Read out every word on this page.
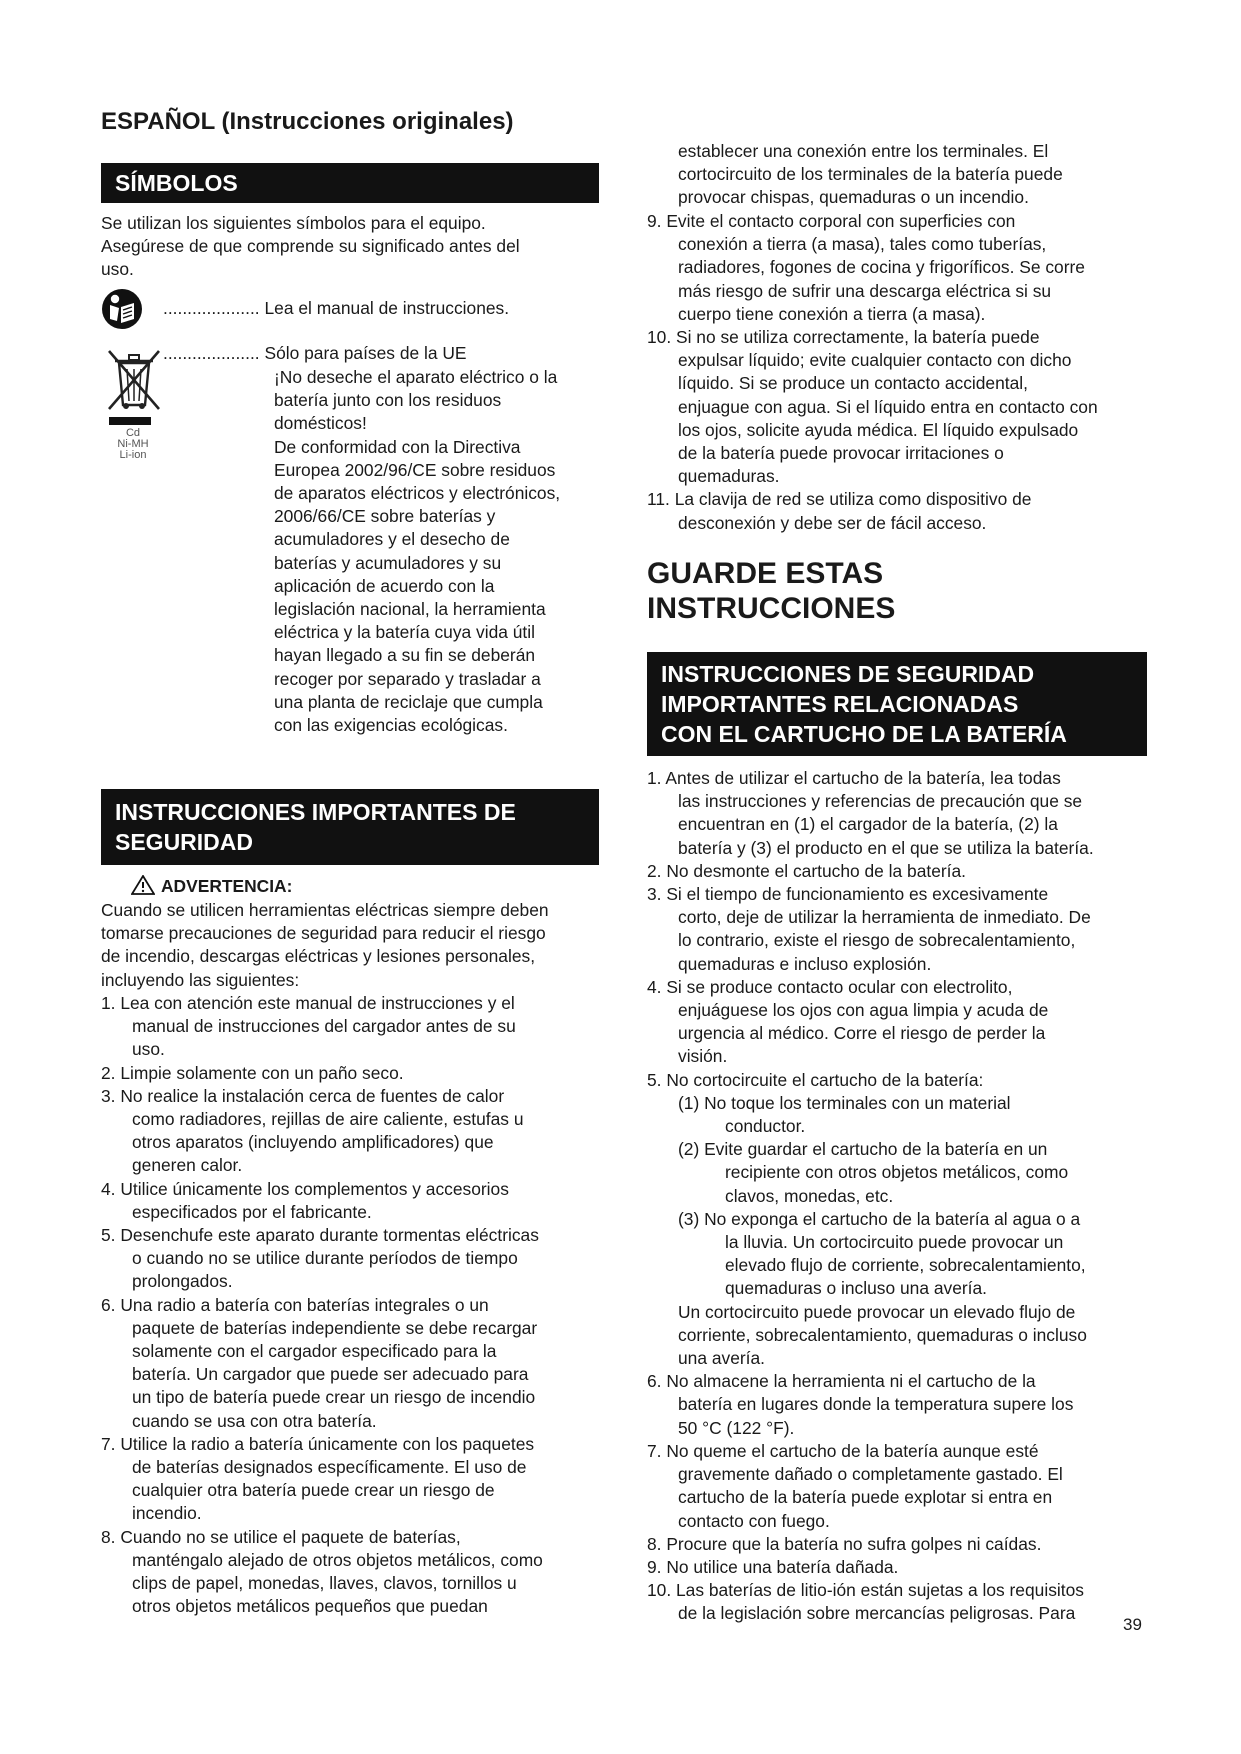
ESPAÑOL (Instrucciones originales)
SÍMBOLOS
Se utilizan los siguientes símbolos para el equipo.
Asegúrese de que comprende su significado antes del
uso.
.................... Lea el manual de instrucciones.
Cd
Ni-MH
Li-ion
.................... Sólo para países de la UE
¡No deseche el aparato eléctrico o la
batería junto con los residuos
domésticos!
De conformidad con la Directiva
Europea 2002/96/CE sobre residuos
de aparatos eléctricos y electrónicos,
2006/66/CE sobre baterías y
acumuladores y el desecho de
baterías y acumuladores y su
aplicación de acuerdo con la
legislación nacional, la herramienta
eléctrica y la batería cuya vida útil
hayan llegado a su fin se deberán
recoger por separado y trasladar a
una planta de reciclaje que cumpla
con las exigencias ecológicas.
INSTRUCCIONES IMPORTANTES DE
SEGURIDAD
ADVERTENCIA:
Cuando se utilicen herramientas eléctricas siempre deben
tomarse precauciones de seguridad para reducir el riesgo
de incendio, descargas eléctricas y lesiones personales,
incluyendo las siguientes:
1. Lea con atención este manual de instrucciones y el
manual de instrucciones del cargador antes de su
uso.
2. Limpie solamente con un paño seco.
3. No realice la instalación cerca de fuentes de calor
como radiadores, rejillas de aire caliente, estufas u
otros aparatos (incluyendo amplificadores) que
generen calor.
4. Utilice únicamente los complementos y accesorios
especificados por el fabricante.
5. Desenchufe este aparato durante tormentas eléctricas
o cuando no se utilice durante períodos de tiempo
prolongados.
6. Una radio a batería con baterías integrales o un
paquete de baterías independiente se debe recargar
solamente con el cargador especificado para la
batería. Un cargador que puede ser adecuado para
un tipo de batería puede crear un riesgo de incendio
cuando se usa con otra batería.
7. Utilice la radio a batería únicamente con los paquetes
de baterías designados específicamente. El uso de
cualquier otra batería puede crear un riesgo de
incendio.
8. Cuando no se utilice el paquete de baterías,
manténgalo alejado de otros objetos metálicos, como
clips de papel, monedas, llaves, clavos, tornillos u
otros objetos metálicos pequeños que puedan
establecer una conexión entre los terminales. El
cortocircuito de los terminales de la batería puede
provocar chispas, quemaduras o un incendio.
9. Evite el contacto corporal con superficies con
conexión a tierra (a masa), tales como tuberías,
radiadores, fogones de cocina y frigoríficos. Se corre
más riesgo de sufrir una descarga eléctrica si su
cuerpo tiene conexión a tierra (a masa).
10. Si no se utiliza correctamente, la batería puede
expulsar líquido; evite cualquier contacto con dicho
líquido. Si se produce un contacto accidental,
enjuague con agua. Si el líquido entra en contacto con
los ojos, solicite ayuda médica. El líquido expulsado
de la batería puede provocar irritaciones o
quemaduras.
11. La clavija de red se utiliza como dispositivo de
desconexión y debe ser de fácil acceso.
GUARDE ESTAS
INSTRUCCIONES
INSTRUCCIONES DE SEGURIDAD
IMPORTANTES RELACIONADAS
CON EL CARTUCHO DE LA BATERÍA
1. Antes de utilizar el cartucho de la batería, lea todas
las instrucciones y referencias de precaución que se
encuentran en (1) el cargador de la batería, (2) la
batería y (3) el producto en el que se utiliza la batería.
2. No desmonte el cartucho de la batería.
3. Si el tiempo de funcionamiento es excesivamente
corto, deje de utilizar la herramienta de inmediato. De
lo contrario, existe el riesgo de sobrecalentamiento,
quemaduras e incluso explosión.
4. Si se produce contacto ocular con electrolito,
enjuáguese los ojos con agua limpia y acuda de
urgencia al médico. Corre el riesgo de perder la
visión.
5. No cortocircuite el cartucho de la batería:
(1) No toque los terminales con un material
conductor.
(2) Evite guardar el cartucho de la batería en un
recipiente con otros objetos metálicos, como
clavos, monedas, etc.
(3) No exponga el cartucho de la batería al agua o a
la lluvia. Un cortocircuito puede provocar un
elevado flujo de corriente, sobrecalentamiento,
quemaduras o incluso una avería.
Un cortocircuito puede provocar un elevado flujo de
corriente, sobrecalentamiento, quemaduras o incluso
una avería.
6. No almacene la herramienta ni el cartucho de la
batería en lugares donde la temperatura supere los
50 °C (122 °F).
7. No queme el cartucho de la batería aunque esté
gravemente dañado o completamente gastado. El
cartucho de la batería puede explotar si entra en
contacto con fuego.
8. Procure que la batería no sufra golpes ni caídas.
9. No utilice una batería dañada.
10. Las baterías de litio-ión están sujetas a los requisitos
de la legislación sobre mercancías peligrosas. Para
39
